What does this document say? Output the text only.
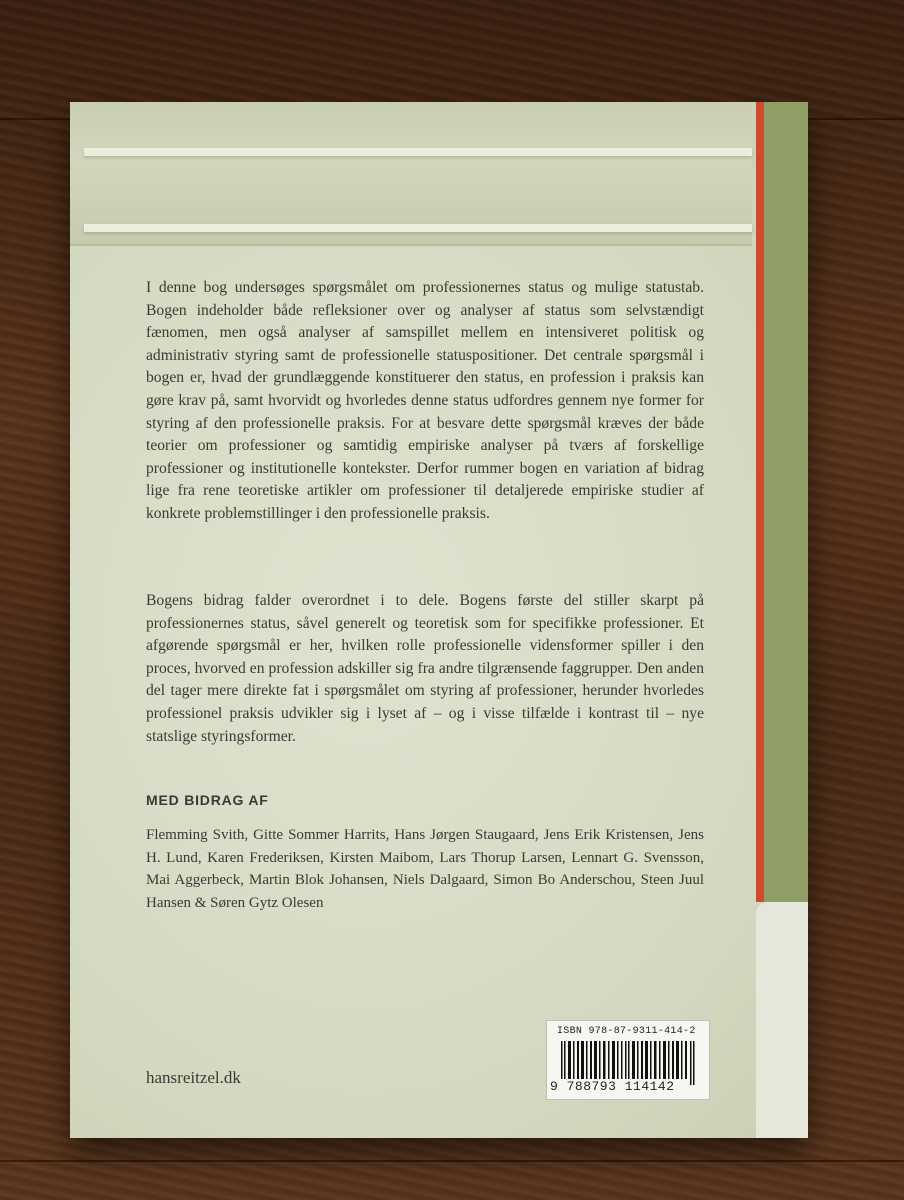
I denne bog undersøges spørgsmålet om professionernes status og mulige statustab. Bogen indeholder både refleksioner over og analyser af status som selvstændigt fænomen, men også analyser af samspillet mellem en intensiveret politisk og administrativ styring samt de professionelle statuspositioner. Det centrale spørgsmål i bogen er, hvad der grundlæggende konstituerer den status, en profession i praksis kan gøre krav på, samt hvorvidt og hvorledes denne status udfordres gennem nye former for styring af den professionelle praksis. For at besvare dette spørgsmål kræves der både teorier om professioner og samtidig empiriske analyser på tværs af forskellige professioner og institutionelle kontekster. Derfor rummer bogen en variation af bidrag lige fra rene teoretiske artikler om professioner til detaljerede empiriske studier af konkrete problemstillinger i den professionelle praksis.
Bogens bidrag falder overordnet i to dele. Bogens første del stiller skarpt på professionernes status, såvel generelt og teoretisk som for specifikke professioner. Et afgørende spørgsmål er her, hvilken rolle professionelle vidensformer spiller i den proces, hvorved en profession adskiller sig fra andre tilgrænsende faggrupper. Den anden del tager mere direkte fat i spørgsmålet om styring af professioner, herunder hvorledes professionel praksis udvikler sig i lyset af – og i visse tilfælde i kontrast til – nye statslige styringsformer.
MED BIDRAG AF
Flemming Svith, Gitte Sommer Harrits, Hans Jørgen Staugaard, Jens Erik Kristensen, Jens H. Lund, Karen Frederiksen, Kirsten Maibom, Lars Thorup Larsen, Lennart G. Svensson, Mai Aggerbeck, Martin Blok Johansen, Niels Dalgaard, Simon Bo Anderschou, Steen Juul Hansen & Søren Gytz Olesen
hansreitzel.dk
ISBN 978-87-9311-414-2
9 788793 114142
